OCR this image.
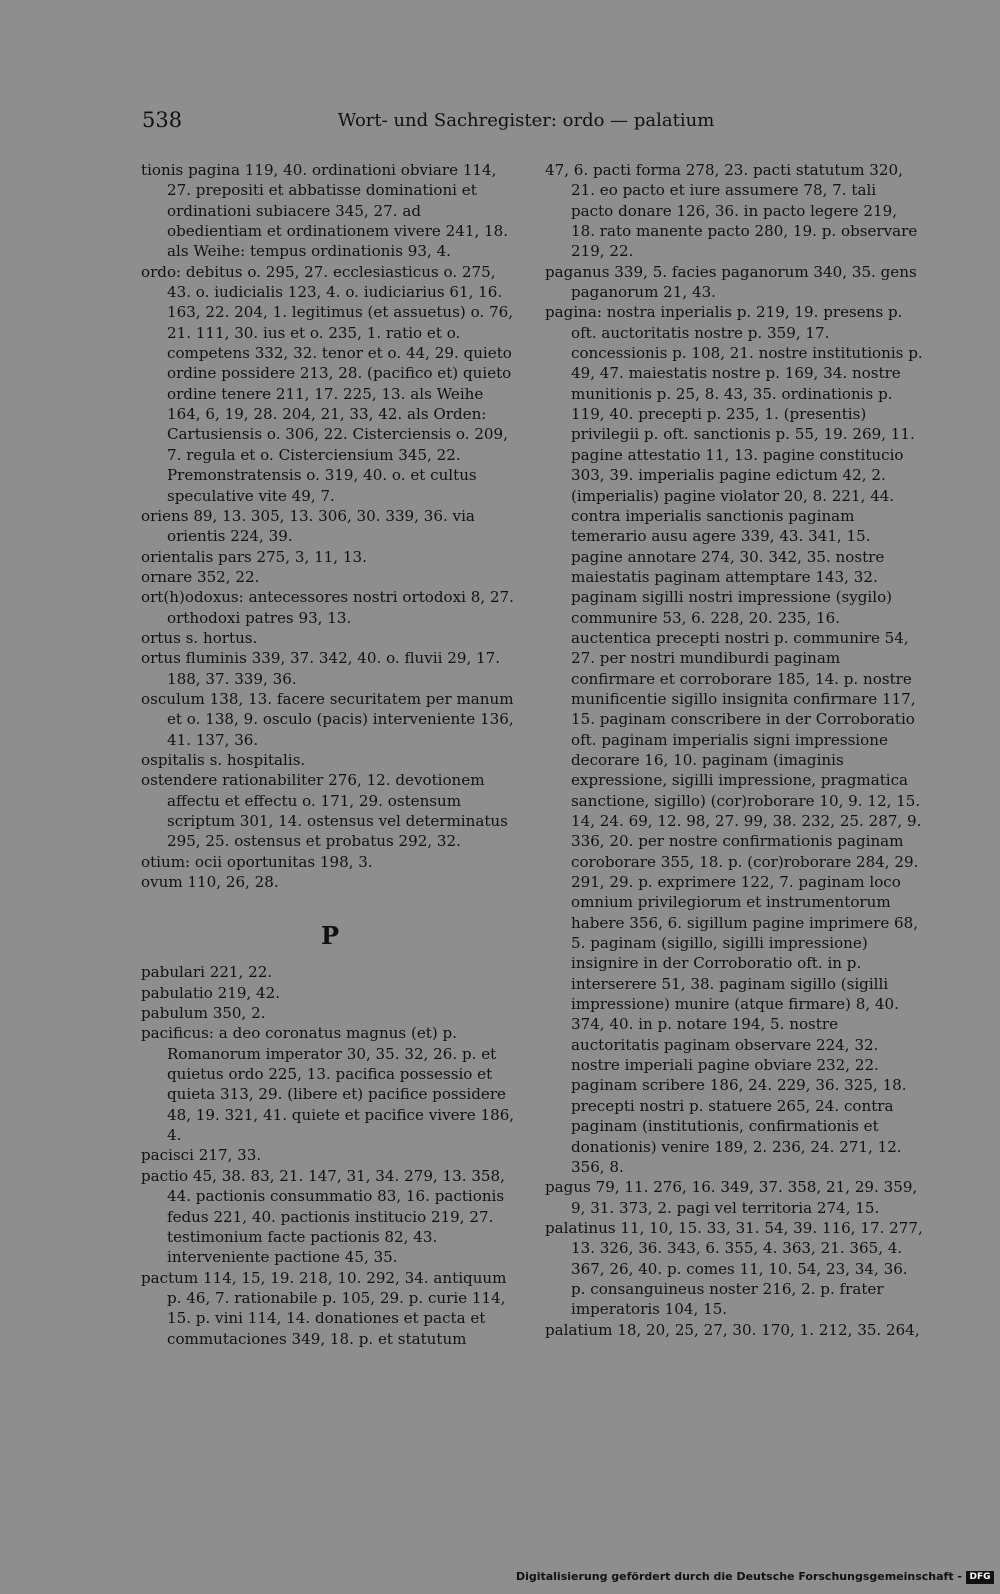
538	Wort- und Sachregister: ordo — palatium

tionis pagina 119, 40. ordinationi obviare 114, 27. prepositi et abbatisse dominationi et ordinationi subiacere 345, 27. ad obedientiam et ordinationem vivere 241, 18. als Weihe: tempus ordinationis 93, 4.

ordo: debitus o. 295, 27. ecclesiasticus o. 275, 43. o. iudicialis 123, 4. o. iudiciarius 61, 16. 163, 22. 204, 1. legitimus (et assuetus) o. 76, 21. 111, 30. ius et o. 235, 1. ratio et o. competens 332, 32. tenor et o. 44, 29. quieto ordine possidere 213, 28. (pacifico et) quieto ordine tenere 211, 17. 225, 13. als Weihe 164, 6, 19, 28. 204, 21, 33, 42. als Orden: Cartusiensis o. 306, 22. Cisterciensis o. 209, 7. regula et o. Cisterciensium 345, 22. Premonstratensis o. 319, 40. o. et cultus speculative vite 49, 7.

oriens 89, 13. 305, 13. 306, 30. 339, 36. via orientis 224, 39.

orientalis pars 275, 3, 11, 13.

ornare 352, 22.

ort(h)odoxus: antecessores nostri ortodoxi 8, 27. orthodoxi patres 93, 13.

ortus s. hortus.

ortus fluminis 339, 37. 342, 40. o. fluvii 29, 17. 188, 37. 339, 36.

osculum 138, 13. facere securitatem per manum et o. 138, 9. osculo (pacis) interveniente 136, 41. 137, 36.

ospitalis s. hospitalis.

ostendere rationabiliter 276, 12. devotionem affectu et effectu o. 171, 29. ostensum scriptum 301, 14. ostensus vel determinatus 295, 25. ostensus et probatus 292, 32.

otium: ocii oportunitas 198, 3.

ovum 110, 26, 28.

P

pabulari 221, 22.

pabulatio 219, 42.

pabulum 350, 2.

pacificus: a deo coronatus magnus (et) p. Romanorum imperator 30, 35. 32, 26. p. et quietus ordo 225, 13. pacifica possessio et quieta 313, 29. (libere et) pacifice possidere 48, 19. 321, 41. quiete et pacifice vivere 186, 4.

pacisci 217, 33.

pactio 45, 38. 83, 21. 147, 31, 34. 279, 13. 358, 44. pactionis consummatio 83, 16. pactionis fedus 221, 40. pactionis institucio 219, 27. testimonium facte pactionis 82, 43. interveniente pactione 45, 35.

pactum 114, 15, 19. 218, 10. 292, 34. antiquum p. 46, 7. rationabile p. 105, 29. p. curie 114, 15. p. vini 114, 14. donationes et pacta et commutaciones 349, 18. p. et statutum

47, 6. pacti forma 278, 23. pacti statutum 320, 21. eo pacto et iure assumere 78, 7. tali pacto donare 126, 36. in pacto legere 219, 18. rato manente pacto 280, 19. p. observare 219, 22.

paganus 339, 5. facies paganorum 340, 35. gens paganorum 21, 43.

pagina: nostra inperialis p. 219, 19. presens p. oft. auctoritatis nostre p. 359, 17. concessionis p. 108, 21. nostre institutionis p. 49, 47. maiestatis nostre p. 169, 34. nostre munitionis p. 25, 8. 43, 35. ordinationis p. 119, 40. precepti p. 235, 1. (presentis) privilegii p. oft. sanctionis p. 55, 19. 269, 11. pagine attestatio 11, 13. pagine constitucio 303, 39. imperialis pagine edictum 42, 2. (imperialis) pagine violator 20, 8. 221, 44. contra imperialis sanctionis paginam temerario ausu agere 339, 43. 341, 15. pagine annotare 274, 30. 342, 35. nostre maiestatis paginam attemptare 143, 32. paginam sigilli nostri impressione (sygilo) communire 53, 6. 228, 20. 235, 16. auctentica precepti nostri p. communire 54, 27. per nostri mundiburdi paginam confirmare et corroborare 185, 14. p. nostre munificentie sigillo insignita confirmare 117, 15. paginam conscribere in der Corroboratio oft. paginam imperialis signi impressione decorare 16, 10. paginam (imaginis expressione, sigilli impressione, pragmatica sanctione, sigillo) (cor)roborare 10, 9. 12, 15. 14, 24. 69, 12. 98, 27. 99, 38. 232, 25. 287, 9. 336, 20. per nostre confirmationis paginam coroborare 355, 18. p. (cor)roborare 284, 29. 291, 29. p. exprimere 122, 7. paginam loco omnium privilegiorum et instrumentorum habere 356, 6. sigillum pagine imprimere 68, 5. paginam (sigillo, sigilli impressione) insignire in der Corroboratio oft. in p. interserere 51, 38. paginam sigillo (sigilli impressione) munire (atque firmare) 8, 40. 374, 40. in p. notare 194, 5. nostre auctoritatis paginam observare 224, 32. nostre imperiali pagine obviare 232, 22. paginam scribere 186, 24. 229, 36. 325, 18. precepti nostri p. statuere 265, 24. contra paginam (institutionis, confirmationis et donationis) venire 189, 2. 236, 24. 271, 12. 356, 8.

pagus 79, 11. 276, 16. 349, 37. 358, 21, 29. 359, 9, 31. 373, 2. pagi vel territoria 274, 15.

palatinus 11, 10, 15. 33, 31. 54, 39. 116, 17. 277, 13. 326, 36. 343, 6. 355, 4. 363, 21. 365, 4. 367, 26, 40. p. comes 11, 10. 54, 23, 34, 36. p. consanguineus noster 216, 2. p. frater imperatoris 104, 15.

palatium 18, 20, 25, 27, 30. 170, 1. 212, 35. 264,

Digitalisierung gefördert durch die Deutsche Forschungsgemeinschaft - DFG
